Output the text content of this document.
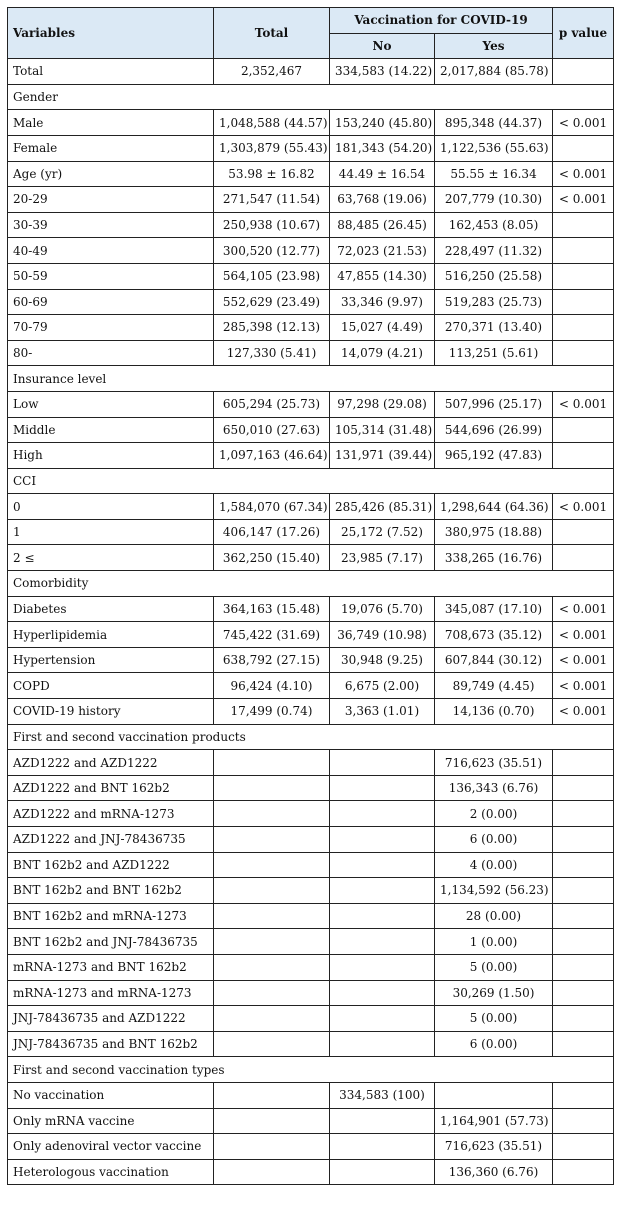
Variables	Total	Vaccination for COVID-19		p value
		No	Yes	
Total	2,352,467	334,583 (14.22)	2,017,884 (85.78)	
Gender				
Male	1,048,588 (44.57)	153,240 (45.80)	895,348 (44.37)	< 0.001
Female	1,303,879 (55.43)	181,343 (54.20)	1,122,536 (55.63)	
Age (yr)	53.98 ± 16.82	44.49 ± 16.54	55.55 ± 16.34	< 0.001
20-29	271,547 (11.54)	63,768 (19.06)	207,779 (10.30)	< 0.001
30-39	250,938 (10.67)	88,485 (26.45)	162,453 (8.05)	
40-49	300,520 (12.77)	72,023 (21.53)	228,497 (11.32)	
50-59	564,105 (23.98)	47,855 (14.30)	516,250 (25.58)	
60-69	552,629 (23.49)	33,346 (9.97)	519,283 (25.73)	
70-79	285,398 (12.13)	15,027 (4.49)	270,371 (13.40)	
80-	127,330 (5.41)	14,079 (4.21)	113,251 (5.61)	
Insurance level				
Low	605,294 (25.73)	97,298 (29.08)	507,996 (25.17)	< 0.001
Middle	650,010 (27.63)	105,314 (31.48)	544,696 (26.99)	
High	1,097,163 (46.64)	131,971 (39.44)	965,192 (47.83)	
CCI				
0	1,584,070 (67.34)	285,426 (85.31)	1,298,644 (64.36)	< 0.001
1	406,147 (17.26)	25,172 (7.52)	380,975 (18.88)	
2 ≤	362,250 (15.40)	23,985 (7.17)	338,265 (16.76)	
Comorbidity				
Diabetes	364,163 (15.48)	19,076 (5.70)	345,087 (17.10)	< 0.001
Hyperlipidemia	745,422 (31.69)	36,749 (10.98)	708,673 (35.12)	< 0.001
Hypertension	638,792 (27.15)	30,948 (9.25)	607,844 (30.12)	< 0.001
COPD	96,424 (4.10)	6,675 (2.00)	89,749 (4.45)	< 0.001
COVID-19 history	17,499 (0.74)	3,363 (1.01)	14,136 (0.70)	< 0.001
First and second vaccination products				
AZD1222 and AZD1222			716,623 (35.51)	
AZD1222 and BNT 162b2			136,343 (6.76)	
AZD1222 and mRNA-1273			2 (0.00)	
AZD1222 and JNJ-78436735			6 (0.00)	
BNT 162b2 and AZD1222			4 (0.00)	
BNT 162b2 and BNT 162b2			1,134,592 (56.23)	
BNT 162b2 and mRNA-1273			28 (0.00)	
BNT 162b2 and JNJ-78436735			1 (0.00)	
mRNA-1273 and BNT 162b2			5 (0.00)	
mRNA-1273 and mRNA-1273			30,269 (1.50)	
JNJ-78436735 and AZD1222			5 (0.00)	
JNJ-78436735 and BNT 162b2			6 (0.00)	
First and second vaccination types				
No vaccination		334,583 (100)		
Only mRNA vaccine			1,164,901 (57.73)	
Only adenoviral vector vaccine			716,623 (35.51)	
Heterologous vaccination			136,360 (6.76)	
